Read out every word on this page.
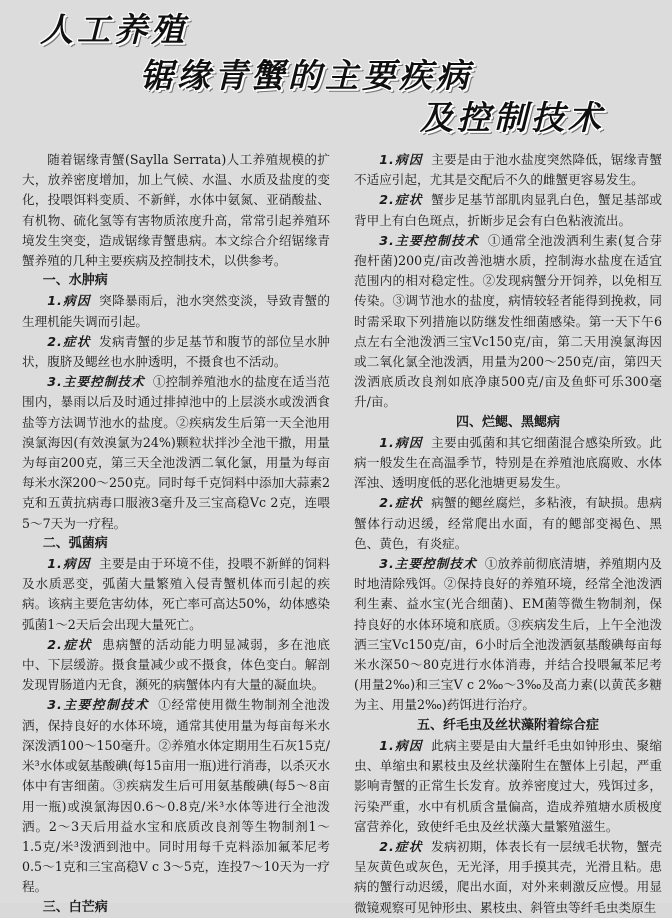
人工养殖
锯缘青蟹的主要疾病
及控制技术

随着锯缘青蟹(Saylla Serrata)人工养殖规模的扩大，放养密度增加，加上气候、水温、水质及盐度的变化，投喂饵料变质、不新鲜，水体中氨氮、亚硝酸盐、有机物、硫化氢等有害物质浓度升高，常常引起养殖环境发生突变，造成锯缘青蟹患病。本文综合介绍锯缘青蟹养殖的几种主要疾病及控制技术，以供参考。

一、水肿病

1.病因 突降暴雨后，池水突然变淡，导致青蟹的生理机能失调而引起。

2.症状 发病青蟹的步足基节和腹节的部位呈水肿状，腹脐及鳃丝也水肿透明，不摄食也不活动。

3.主要控制技术 ①控制养殖池水的盐度在适当范围内，暴雨以后及时通过排掉池中的上层淡水或泼洒食盐等方法调节池水的盐度。②疾病发生后第一天全池用溴氯海因(有效溴氯为24%)颗粒状拌沙全池干撒，用量为每亩200克，第三天全池泼洒二氧化氯，用量为每亩每米水深200～250克。同时每千克饲料中添加大蒜素2克和五黄抗病毒口服液3毫升及三宝高稳Vc 2克，连喂5～7天为一疗程。

二、弧菌病

1.病因 主要是由于环境不佳，投喂不新鲜的饲料及水质恶变，弧菌大量繁殖入侵青蟹机体而引起的疾病。该病主要危害幼体，死亡率可高达50%，幼体感染弧菌1～2天后会出现大量死亡。

2.症状 患病蟹的活动能力明显减弱，多在池底中、下层缓游。摄食量减少或不摄食，体色变白。解剖发现胃肠道内无食，濒死的病蟹体内有大量的凝血块。

3.主要控制技术 ①经常使用微生物制剂全池泼洒，保持良好的水体环境，通常其使用量为每亩每米水深泼洒100～150毫升。②养殖水体定期用生石灰15克/米³水体或氨基酸碘(每15亩用一瓶)进行消毒，以杀灭水体中有害细菌。③疾病发生后可用氨基酸碘(每5～8亩用一瓶)或溴氯海因0.6～0.8克/米³水体等进行全池泼洒。2～3天后用益水宝和底质改良剂等生物制剂1～1.5克/米³泼洒到池中。同时用每千克料添加氟苯尼考0.5～1克和三宝高稳V c 3～5克，连投7～10天为一疗程。

三、白芒病

1.病因 主要是由于池水盐度突然降低，锯缘青蟹不适应引起，尤其是交配后不久的雌蟹更容易发生。

2.症状 蟹步足基节部肌肉显乳白色，蟹足基部或背甲上有白色斑点，折断步足会有白色粘液流出。

3.主要控制技术 ①通常全池泼洒利生素(复合芽孢杆菌)200克/亩改善池塘水质，控制海水盐度在适宜范围内的相对稳定性。②发现病蟹分开饲养，以免相互传染。③调节池水的盐度，病情较轻者能得到挽救，同时需采取下列措施以防继发性细菌感染。第一天下午6点左右全池泼洒三宝Vc150克/亩，第二天用溴氯海因或二氧化氯全池泼洒，用量为200～250克/亩，第四天泼洒底质改良剂如底净康500克/亩及鱼虾可乐300毫升/亩。

四、烂鳃、黑鳃病

1.病因 主要由弧菌和其它细菌混合感染所致。此病一般发生在高温季节，特别是在养殖池底腐败、水体浑浊、透明度低的恶化池塘更易发生。

2.症状 病蟹的鳃丝腐烂，多粘液，有缺损。患病蟹体行动迟缓，经常爬出水面，有的鳃部变褐色、黑色、黄色，有炎症。

3.主要控制技术 ①放养前彻底清塘，养殖期内及时地清除残饵。②保持良好的养殖环境，经常全池泼洒利生素、益水宝(光合细菌)、EM菌等微生物制剂，保持良好的水体环境和底质。③疾病发生后，上午全池泼洒三宝Vc150克/亩，6小时后全池泼洒氨基酸碘每亩每米水深50～80克进行水体消毒，并结合投喂氟苯尼考(用量2‰)和三宝V c 2‰～3‰及高力素(以黄芪多糖为主、用量2‰)药饵进行治疗。

五、纤毛虫及丝状藻附着综合症

1.病因 此病主要是由大量纤毛虫如钟形虫、聚缩虫、单缩虫和累枝虫及丝状藻附生在蟹体上引起，严重影响青蟹的正常生长发育。放养密度过大，残饵过多，污染严重，水中有机质含量偏高，造成养殖塘水质极度富营养化，致使纤毛虫及丝状藻大量繁殖滋生。

2.症状 发病初期，体表长有一层绒毛状物，蟹壳呈灰黄色或灰色，无光泽，用手摸其壳，光滑且粘。患病的蟹行动迟缓，爬出水面，对外来刺激反应慢。用显微镜观察可见钟形虫、累枝虫、斜管虫等纤毛虫类原生
